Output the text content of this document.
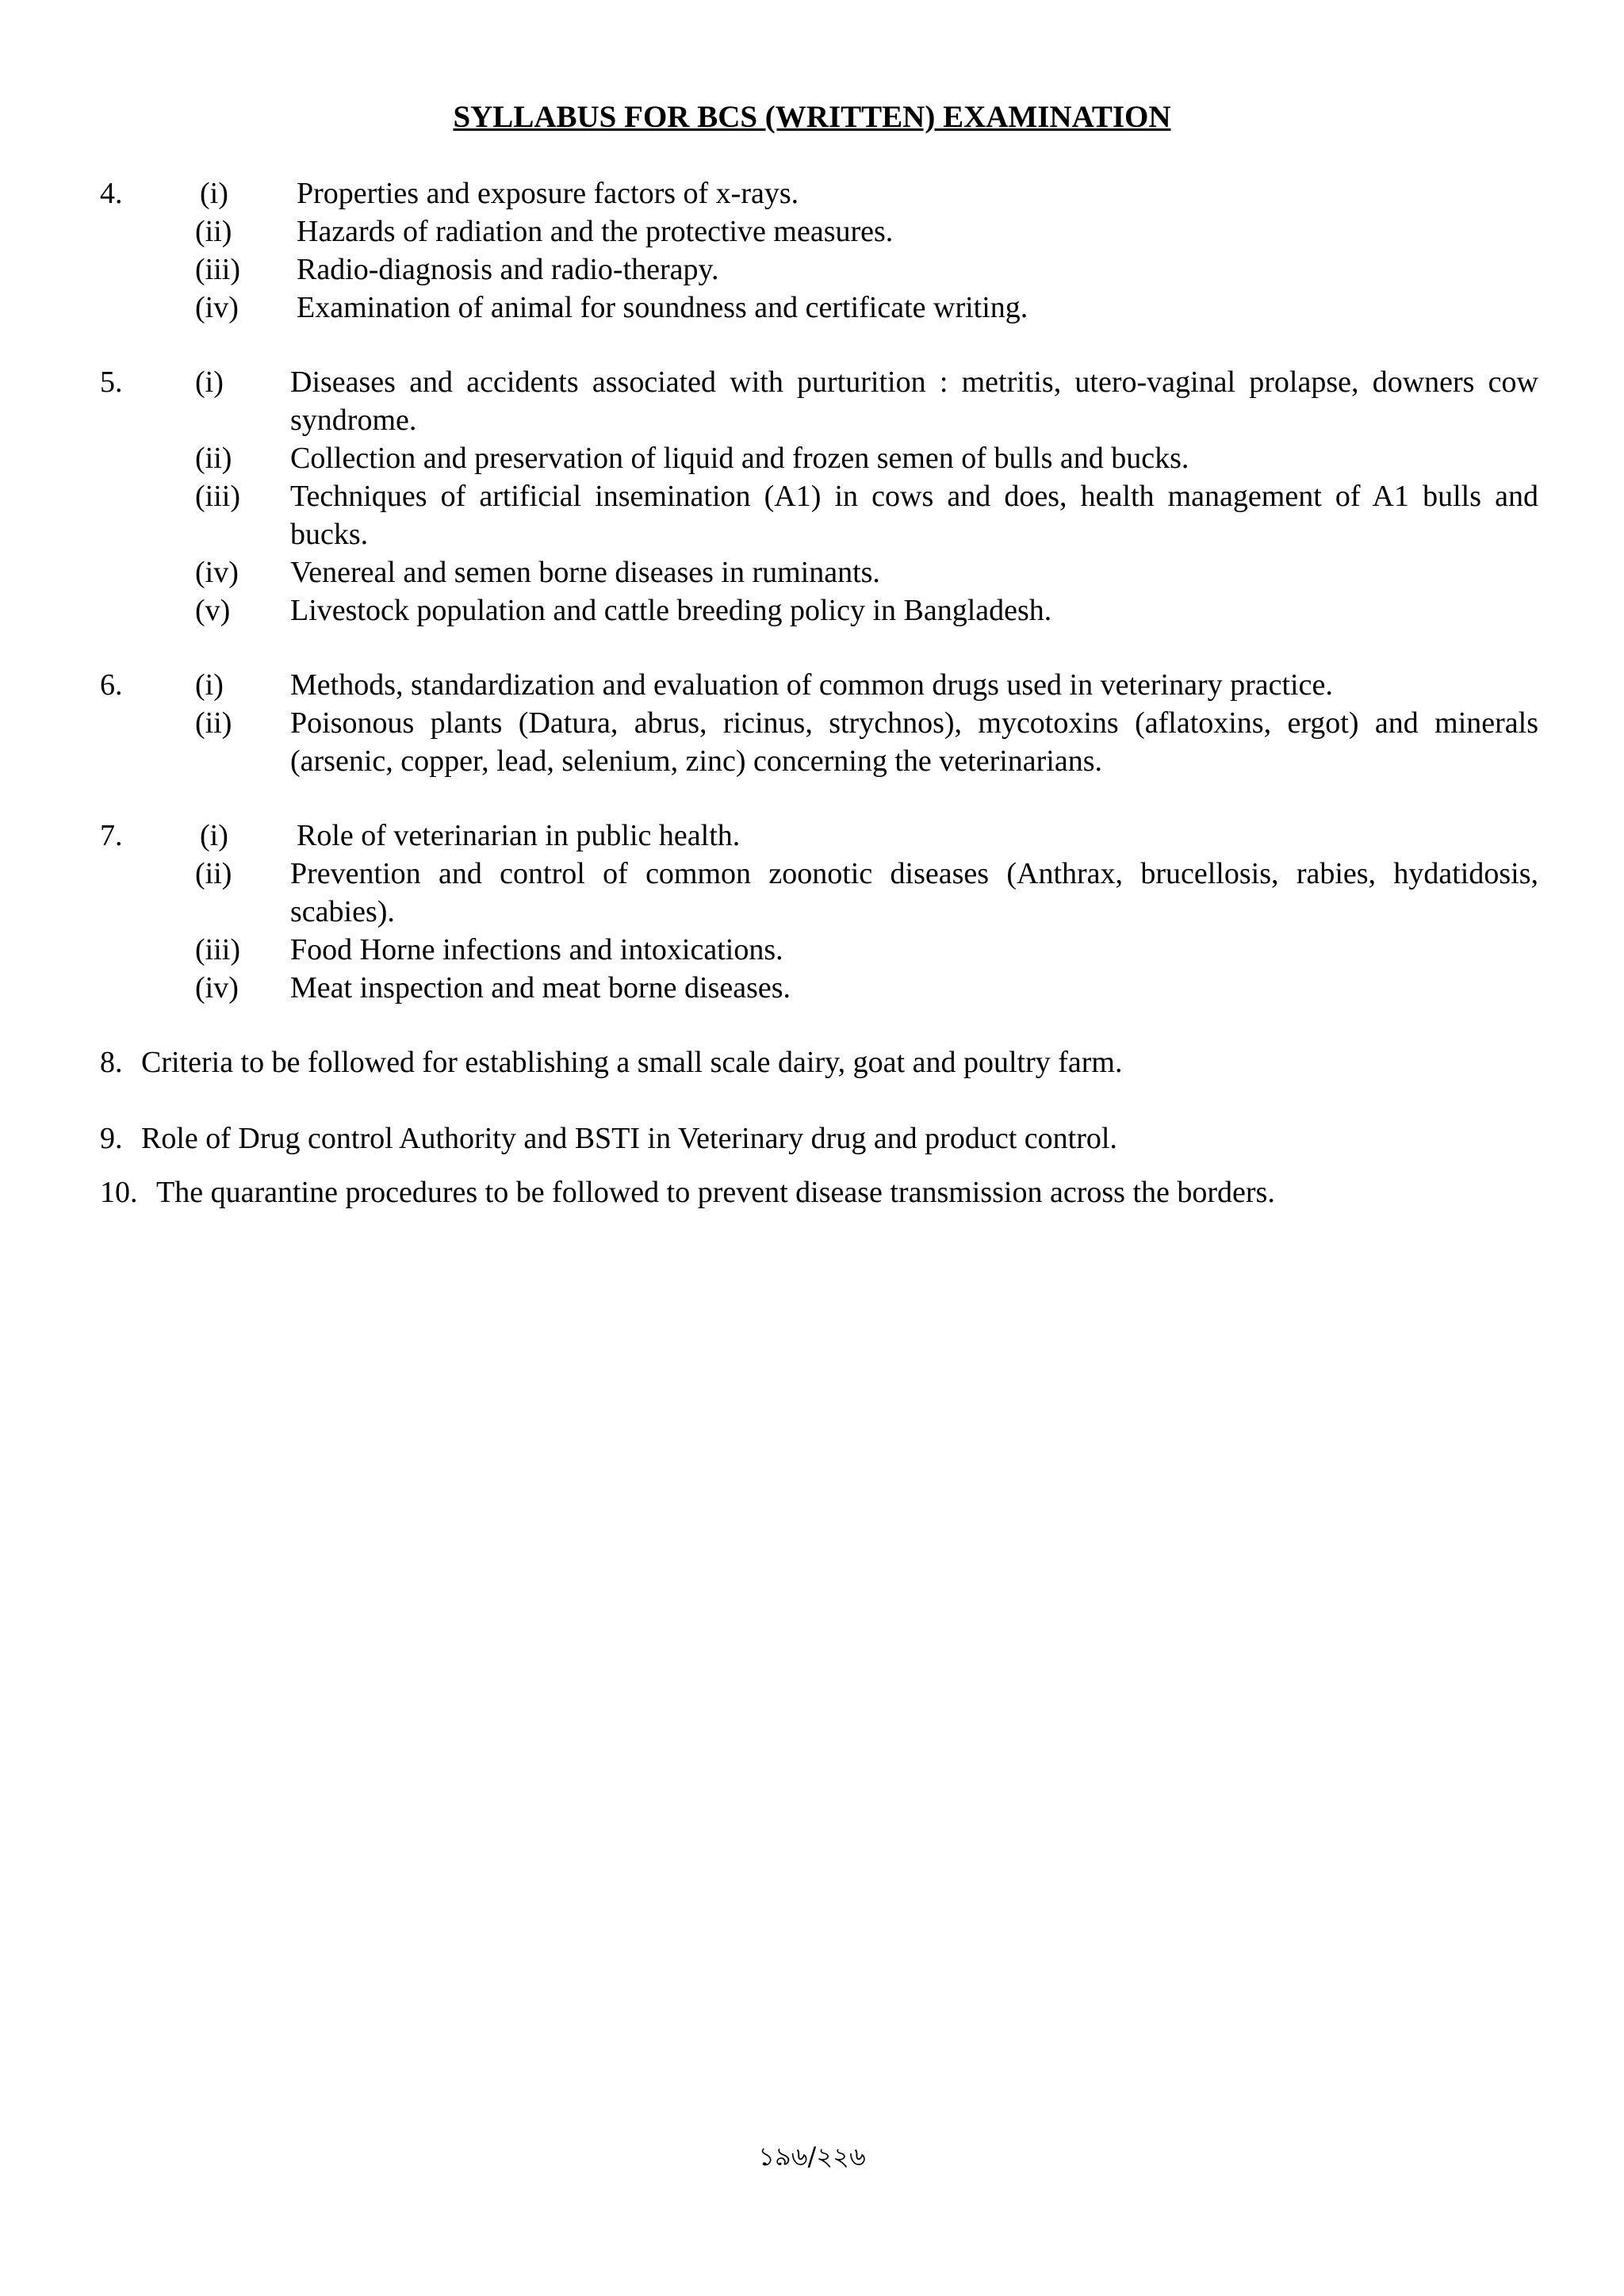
SYLLABUS FOR BCS (WRITTEN) EXAMINATION
4.	(i) Properties and exposure factors of x-rays.
(ii) Hazards of radiation and the protective measures.
(iii) Radio-diagnosis and radio-therapy.
(iv) Examination of animal for soundness and certificate writing.
5. (i) Diseases and accidents associated with purturition : metritis, utero-vaginal prolapse, downers cow syndrome.
(ii) Collection and preservation of liquid and frozen semen of bulls and bucks.
(iii) Techniques of artificial insemination (A1) in cows and does, health management of A1 bulls and bucks.
(iv) Venereal and semen borne diseases in ruminants.
(v) Livestock population and cattle breeding policy in Bangladesh.
6. (i) Methods, standardization and evaluation of common drugs used in veterinary practice.
(ii) Poisonous plants (Datura, abrus, ricinus, strychnos), mycotoxins (aflatoxins, ergot) and minerals (arsenic, copper, lead, selenium, zinc) concerning the veterinarians.
7.	(i) Role of veterinarian in public health.
(ii) Prevention and control of common zoonotic diseases (Anthrax, brucellosis, rabies, hydatidosis, scabies).
(iii) Food Horne infections and intoxications.
(iv) Meat inspection and meat borne diseases.
8. Criteria to be followed for establishing a small scale dairy, goat and poultry farm.
9. Role of Drug control Authority and BSTI in Veterinary drug and product control.
10. The quarantine procedures to be followed to prevent disease transmission across the borders.
১৯৬/২২৬
